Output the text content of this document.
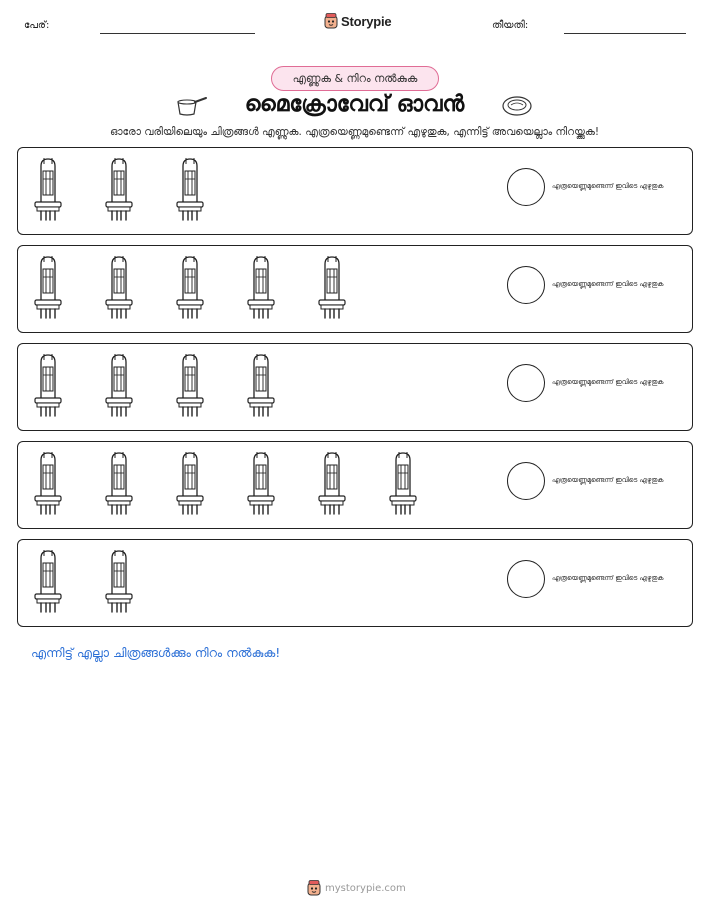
പേര്:	Storypie	തീയതി:
എണ്ണുക & നിറം നൽകുക
മൈക്രോവേവ് ഓവൻ
ഓരോ വരിയിലെയും ചിത്രങ്ങൾ എണ്ണുക. എത്രയെണ്ണമുണ്ടെന്ന് എഴുതുക, എന്നിട്ട് അവയെല്ലാം നിറയ്ക്കുക!
എത്രയെണ്ണമുണ്ടെന്ന് ഇവിടെ എഴുതുക
എത്രയെണ്ണമുണ്ടെന്ന് ഇവിടെ എഴുതുക
എത്രയെണ്ണമുണ്ടെന്ന് ഇവിടെ എഴുതുക
എത്രയെണ്ണമുണ്ടെന്ന് ഇവിടെ എഴുതുക
എത്രയെണ്ണമുണ്ടെന്ന് ഇവിടെ എഴുതുക
എന്നിട്ട് എല്ലാ ചിത്രങ്ങൾക്കും നിറം നൽകുക!
mystorypie.com
